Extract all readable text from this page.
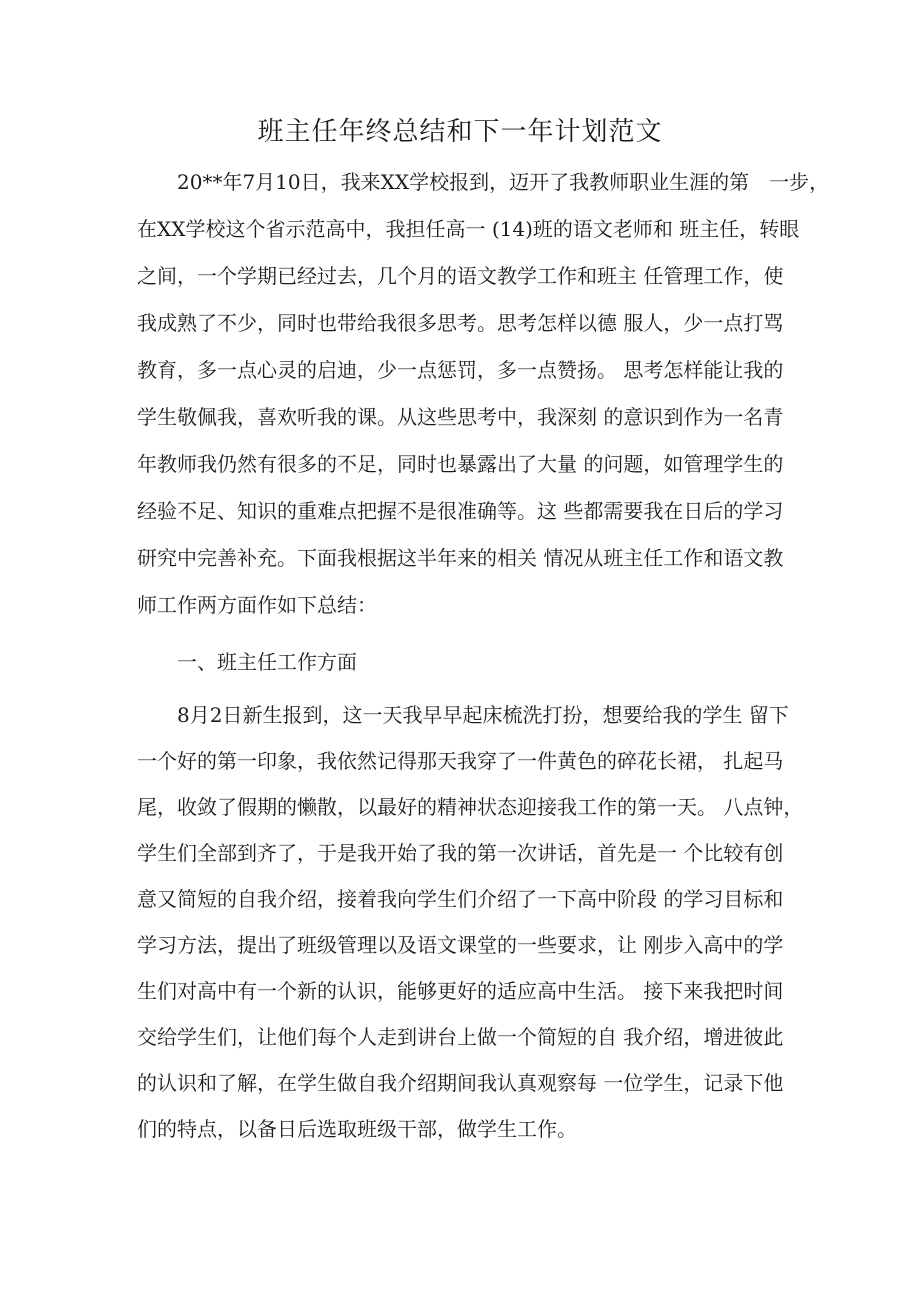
班主任年终总结和下一年计划范文

20**年7月10日，我来XX学校报到，迈开了我教师职业生涯的第　一步，

在XX学校这个省示范高中，我担任高一 (14)班的语文老师和 班主任，转眼

之间，一个学期已经过去，几个月的语文教学工作和班主 任管理工作，使

我成熟了不少，同时也带给我很多思考。思考怎样以德 服人，少一点打骂

教育，多一点心灵的启迪，少一点惩罚，多一点赞扬。 思考怎样能让我的

学生敬佩我，喜欢听我的课。从这些思考中，我深刻 的意识到作为一名青

年教师我仍然有很多的不足，同时也暴露出了大量 的问题，如管理学生的

经验不足、知识的重难点把握不是很准确等。这 些都需要我在日后的学习

研究中完善补充。下面我根据这半年来的相关 情况从班主任工作和语文教

师工作两方面作如下总结：

一、班主任工作方面

8月2日新生报到，这一天我早早起床梳洗打扮，想要给我的学生 留下

一个好的第一印象，我依然记得那天我穿了一件黄色的碎花长裙， 扎起马

尾，收敛了假期的懒散，以最好的精神状态迎接我工作的第一天。 八点钟，

学生们全部到齐了，于是我开始了我的第一次讲话，首先是一 个比较有创

意又简短的自我介绍，接着我向学生们介绍了一下高中阶段 的学习目标和

学习方法，提出了班级管理以及语文课堂的一些要求，让 刚步入高中的学

生们对高中有一个新的认识，能够更好的适应高中生活。 接下来我把时间

交给学生们，让他们每个人走到讲台上做一个简短的自 我介绍，增进彼此

的认识和了解，在学生做自我介绍期间我认真观察每 一位学生，记录下他

们的特点，以备日后选取班级干部，做学生工作。
